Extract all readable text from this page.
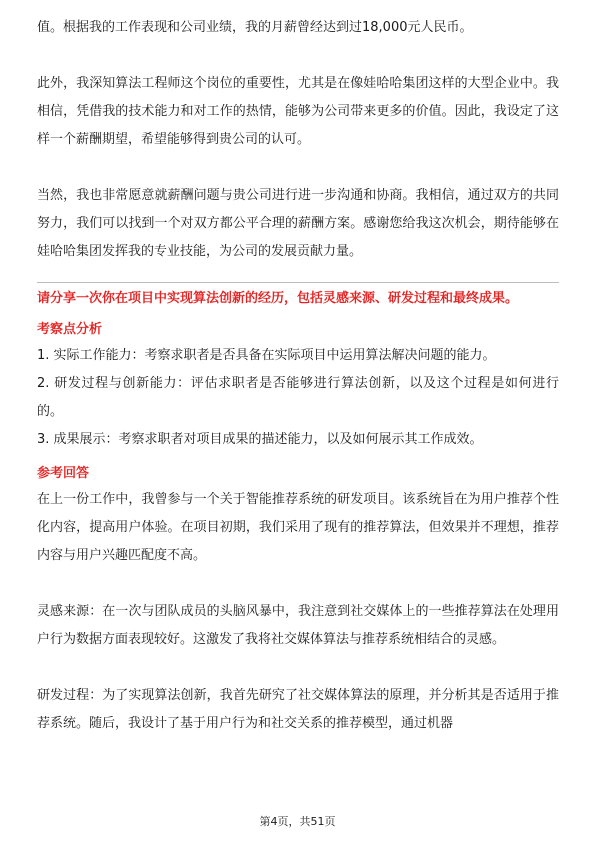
值。根据我的工作表现和公司业绩，我的月薪曾经达到过18,000元人民币。

此外，我深知算法工程师这个岗位的重要性，尤其是在像娃哈哈集团这样的大型企业中。我相信，凭借我的技术能力和对工作的热情，能够为公司带来更多的价值。因此，我设定了这样一个薪酬期望，希望能够得到贵公司的认可。

当然，我也非常愿意就薪酬问题与贵公司进行进一步沟通和协商。我相信，通过双方的共同努力，我们可以找到一个对双方都公平合理的薪酬方案。感谢您给我这次机会，期待能够在娃哈哈集团发挥我的专业技能，为公司的发展贡献力量。

请分享一次你在项目中实现算法创新的经历，包括灵感来源、研发过程和最终成果。
考察点分析

1. 实际工作能力：考察求职者是否具备在实际项目中运用算法解决问题的能力。

2. 研发过程与创新能力：评估求职者是否能够进行算法创新，以及这个过程是如何进行的。

3. 成果展示：考察求职者对项目成果的描述能力，以及如何展示其工作成效。

参考回答

在上一份工作中，我曾参与一个关于智能推荐系统的研发项目。该系统旨在为用户推荐个性化内容，提高用户体验。在项目初期，我们采用了现有的推荐算法，但效果并不理想，推荐内容与用户兴趣匹配度不高。

灵感来源：在一次与团队成员的头脑风暴中，我注意到社交媒体上的一些推荐算法在处理用户行为数据方面表现较好。这激发了我将社交媒体算法与推荐系统相结合的灵感。

研发过程：为了实现算法创新，我首先研究了社交媒体算法的原理，并分析其是否适用于推荐系统。随后，我设计了基于用户行为和社交关系的推荐模型，通过机器

第4页，共51页
